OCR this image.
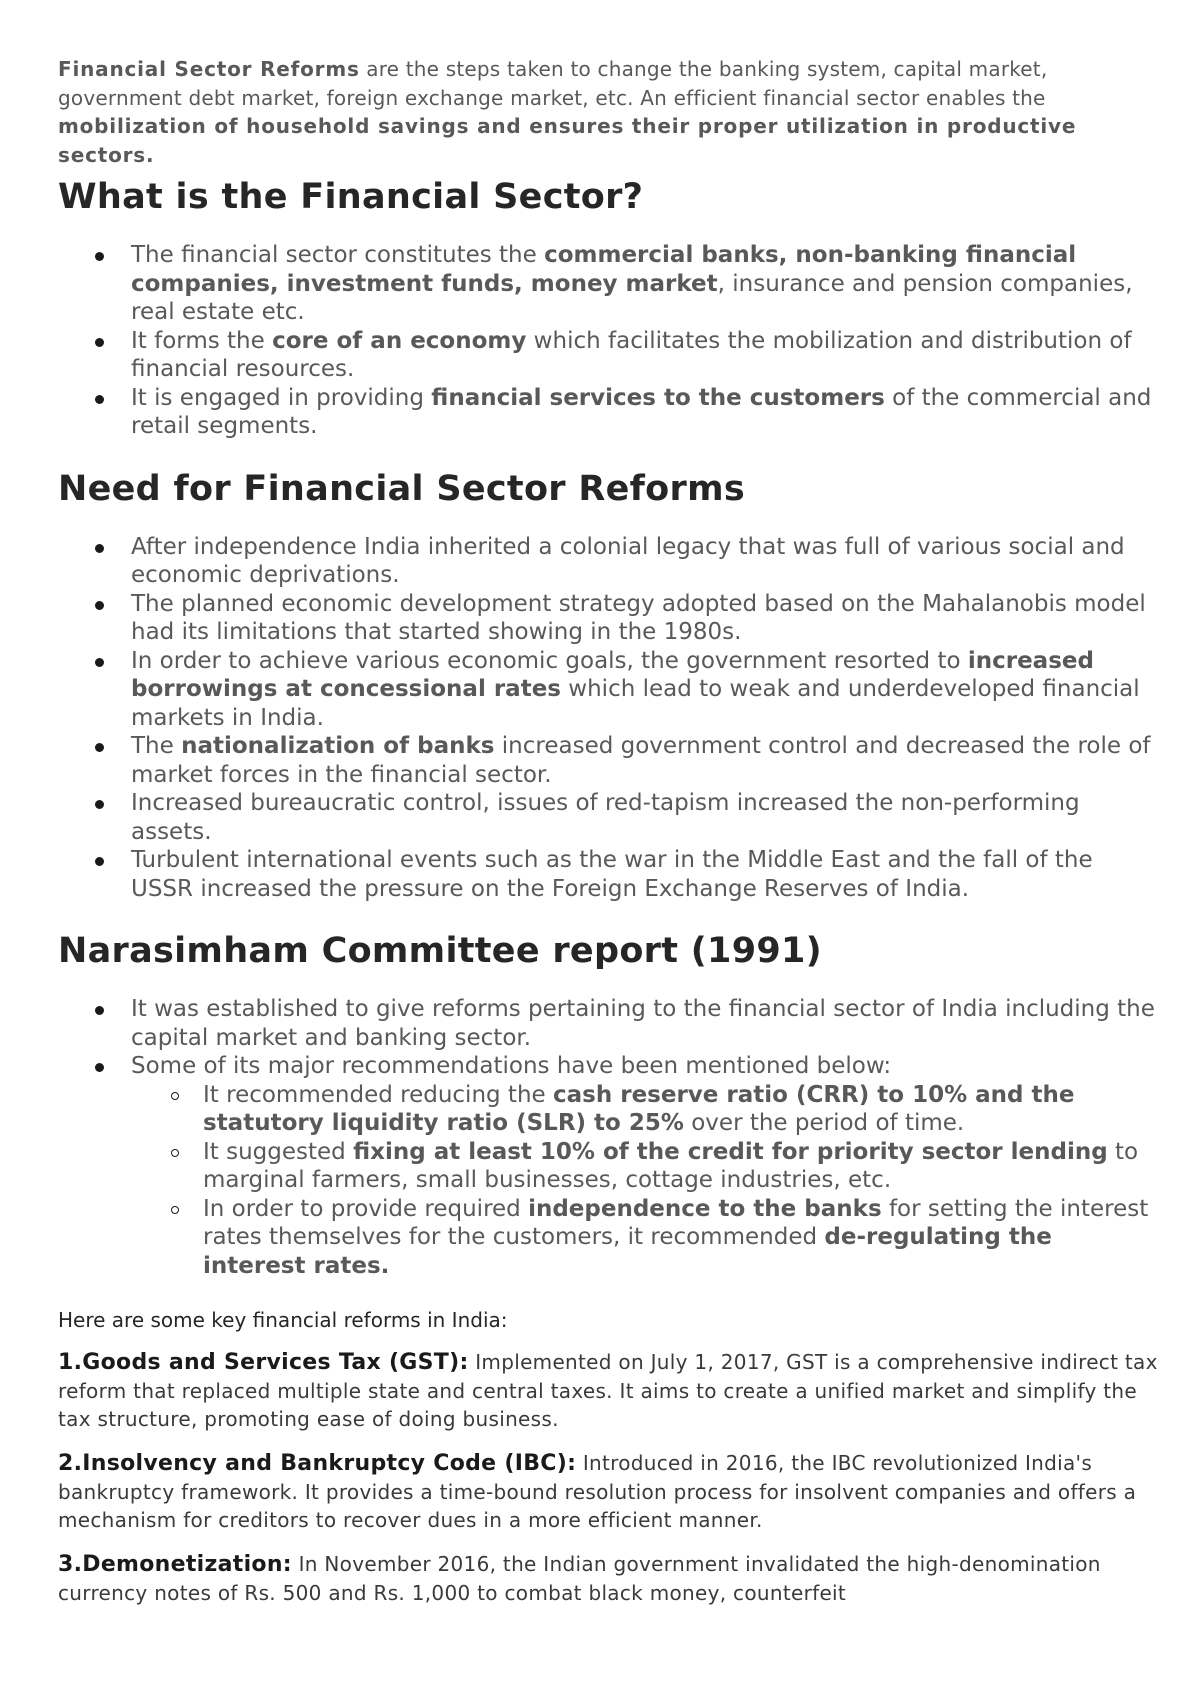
Financial Sector Reforms are the steps taken to change the banking system, capital market, government debt market, foreign exchange market, etc. An efficient financial sector enables the mobilization of household savings and ensures their proper utilization in productive sectors.

What is the Financial Sector?
The financial sector constitutes the commercial banks, non-banking financial companies, investment funds, money market, insurance and pension companies, real estate etc.
It forms the core of an economy which facilitates the mobilization and distribution of financial resources.
It is engaged in providing financial services to the customers of the commercial and retail segments.
Need for Financial Sector Reforms
After independence India inherited a colonial legacy that was full of various social and economic deprivations.
The planned economic development strategy adopted based on the Mahalanobis model had its limitations that started showing in the 1980s.
In order to achieve various economic goals, the government resorted to increased borrowings at concessional rates which lead to weak and underdeveloped financial markets in India.
The nationalization of banks increased government control and decreased the role of market forces in the financial sector.
Increased bureaucratic control, issues of red-tapism increased the non-performing assets.
Turbulent international events such as the war in the Middle East and the fall of the USSR increased the pressure on the Foreign Exchange Reserves of India.
Narasimham Committee report (1991)
It was established to give reforms pertaining to the financial sector of India including the capital market and banking sector.
Some of its major recommendations have been mentioned below:
It recommended reducing the cash reserve ratio (CRR) to 10% and the statutory liquidity ratio (SLR) to 25% over the period of time.
It suggested fixing at least 10% of the credit for priority sector lending to marginal farmers, small businesses, cottage industries, etc.
In order to provide required independence to the banks for setting the interest rates themselves for the customers, it recommended de-regulating the interest rates.

Here are some key financial reforms in India:

1.Goods and Services Tax (GST): Implemented on July 1, 2017, GST is a comprehensive indirect tax reform that replaced multiple state and central taxes. It aims to create a unified market and simplify the tax structure, promoting ease of doing business.

2.Insolvency and Bankruptcy Code (IBC): Introduced in 2016, the IBC revolutionized India's bankruptcy framework. It provides a time-bound resolution process for insolvent companies and offers a mechanism for creditors to recover dues in a more efficient manner.

3.Demonetization: In November 2016, the Indian government invalidated the high-denomination currency notes of Rs. 500 and Rs. 1,000 to combat black money, counterfeit
